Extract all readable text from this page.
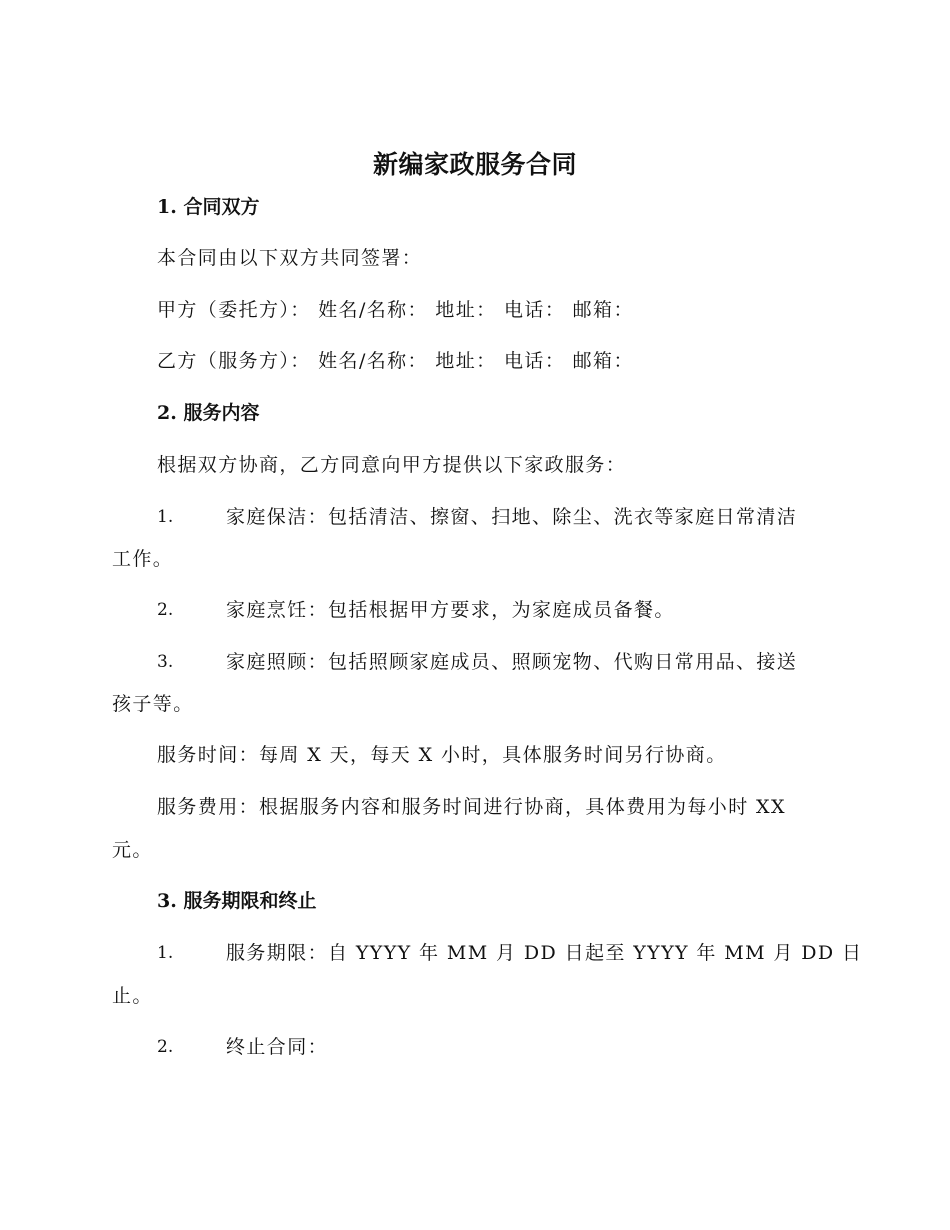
新编家政服务合同
1. 合同双方
本合同由以下双方共同签署：
甲方（委托方）： 姓名/名称： 地址： 电话： 邮箱：
乙方（服务方）： 姓名/名称： 地址： 电话： 邮箱：
2. 服务内容
根据双方协商，乙方同意向甲方提供以下家政服务：
1.	家庭保洁：包括清洁、擦窗、扫地、除尘、洗衣等家庭日常清洁
工作。
2.	家庭烹饪：包括根据甲方要求，为家庭成员备餐。
3.	家庭照顾：包括照顾家庭成员、照顾宠物、代购日常用品、接送
孩子等。
服务时间：每周 X 天，每天 X 小时，具体服务时间另行协商。
服务费用：根据服务内容和服务时间进行协商，具体费用为每小时 XX
元。
3. 服务期限和终止
1.	服务期限：自 YYYY 年 MM 月 DD 日起至 YYYY 年 MM 月 DD 日
止。
2.	终止合同：
